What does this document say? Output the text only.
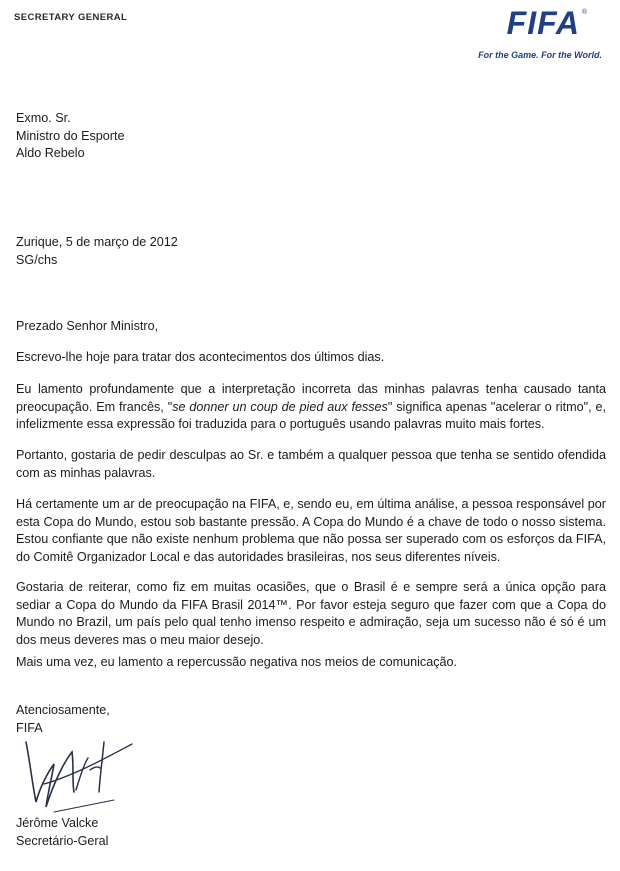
SECRETARY GENERAL	FIFA ®
For the Game. For the World.
Exmo. Sr.
Ministro do Esporte
Aldo Rebelo
Zurique, 5 de março de 2012
SG/chs
Prezado Senhor Ministro,
Escrevo-lhe hoje para tratar dos acontecimentos dos últimos dias.
Eu lamento profundamente que a interpretação incorreta das minhas palavras tenha causado tanta preocupação. Em francês, "se donner un coup de pied aux fesses" significa apenas "acelerar o ritmo", e, infelizmente essa expressão foi traduzida para o português usando palavras muito mais fortes.
Portanto, gostaria de pedir desculpas ao Sr. e também a qualquer pessoa que tenha se sentido ofendida com as minhas palavras.
Há certamente um ar de preocupação na FIFA, e, sendo eu, em última análise, a pessoa responsável por esta Copa do Mundo, estou sob bastante pressão. A Copa do Mundo é a chave de todo o nosso sistema. Estou confiante que não existe nenhum problema que não possa ser superado com os esforços da FIFA, do Comitê Organizador Local e das autoridades brasileiras, nos seus diferentes níveis.
Gostaria de reiterar, como fiz em muitas ocasiões, que o Brasil é e sempre será a única opção para sediar a Copa do Mundo da FIFA Brasil 2014™. Por favor esteja seguro que fazer com que a Copa do Mundo no Brazil, um país pelo qual tenho imenso respeito e admiração, seja um sucesso não é só é um dos meus deveres mas o meu maior desejo.
Mais uma vez, eu lamento a repercussão negativa nos meios de comunicação.
Atenciosamente,
FIFA
Jérôme Valcke
Secretário-Geral
